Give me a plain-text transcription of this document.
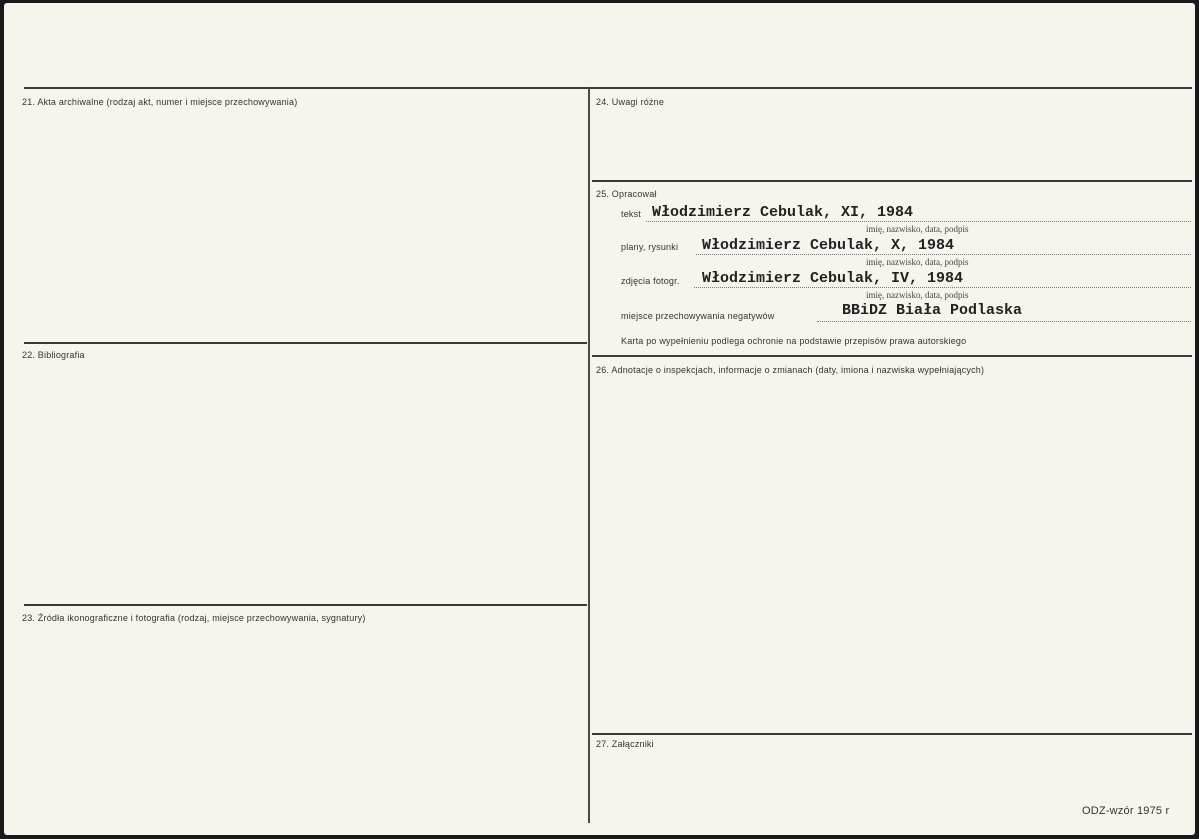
21. Akta archiwalne (rodzaj akt, numer i miejsce przechowywania)
22. Bibliografia
23. Źródła ikonograficzne i fotografia (rodzaj, miejsce przechowywania, sygnatury)
24. Uwagi różne
25. Opracował
tekst Włodzimierz Cebulak, XI, 1984
imię, nazwisko, data, podpis
plany, rysunki Włodzimierz Cebulak, X, 1984
imię, nazwisko, data, podpis
zdjęcia fotogr. Włodzimierz Cebulak, IV, 1984
imię, nazwisko, data, podpis
miejsce przechowywania negatywów	BBiDZ Biała Podlaska
Karta po wypełnieniu podlega ochronie na podstawie przepisów prawa autorskiego
26. Adnotacje o inspekcjach, informacje o zmianach (daty, imiona i nazwiska wypełniających)
27. Załączniki
ODZ-wzór 1975 r
